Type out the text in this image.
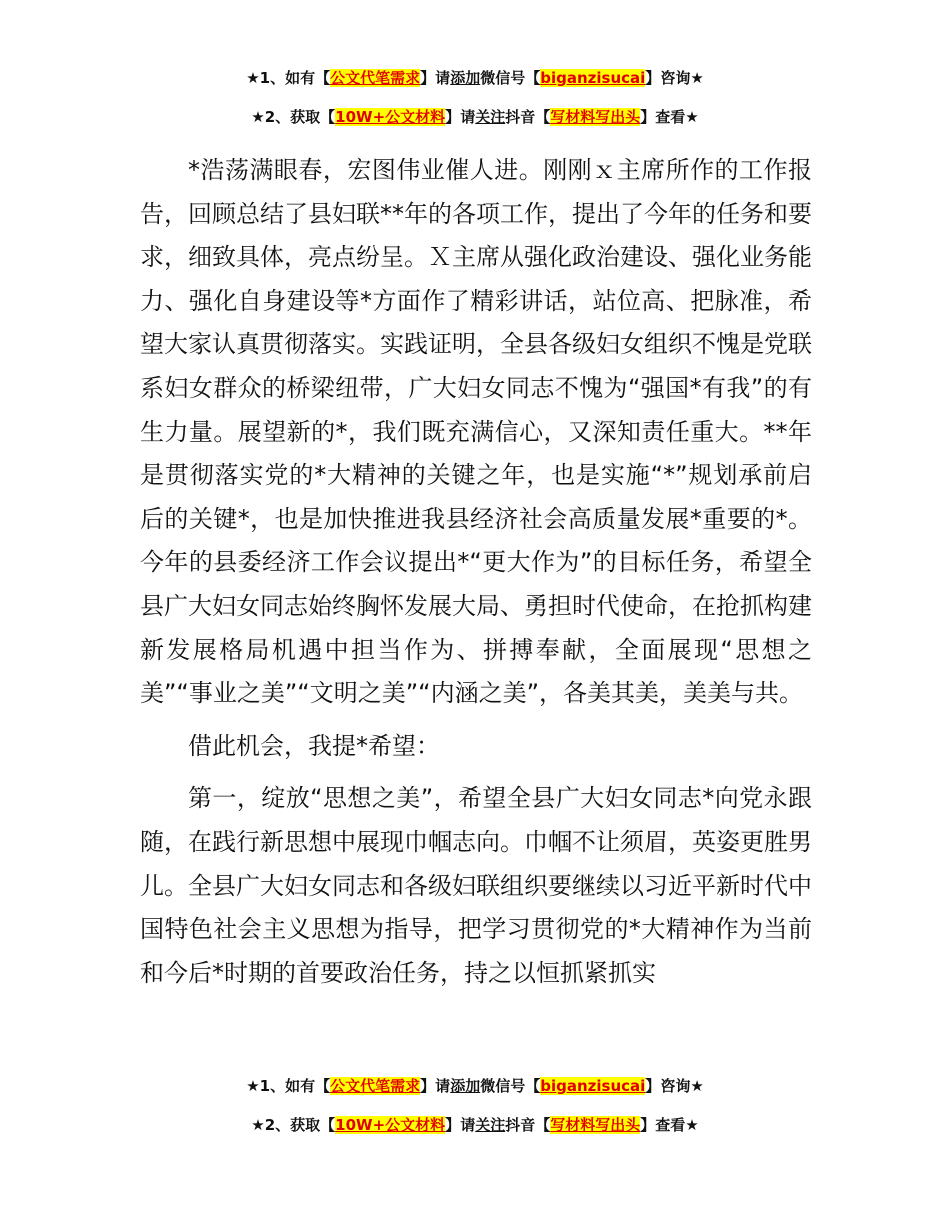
★1、如有【公文代笔需求】请添加微信号【biganzisucai】咨询★
★2、获取【10W+公文材料】请关注抖音【写材料写出头】查看★

*浩荡满眼春，宏图伟业催人进。刚刚ｘ主席所作的工作报告，回顾总结了县妇联**年的各项工作，提出了今年的任务和要求，细致具体，亮点纷呈。Ｘ主席从强化政治建设、强化业务能力、强化自身建设等*方面作了精彩讲话，站位高、把脉准，希望大家认真贯彻落实。实践证明，全县各级妇女组织不愧是党联系妇女群众的桥梁纽带，广大妇女同志不愧为“强国*有我”的有生力量。展望新的*，我们既充满信心，又深知责任重大。**年是贯彻落实党的*大精神的关键之年，也是实施“*”规划承前启后的关键*，也是加快推进我县经济社会高质量发展*重要的*。今年的县委经济工作会议提出*“更大作为”的目标任务，希望全县广大妇女同志始终胸怀发展大局、勇担时代使命，在抢抓构建新发展格局机遇中担当作为、拼搏奉献，全面展现“思想之美”“事业之美”“文明之美”“内涵之美”，各美其美，美美与共。

借此机会，我提*希望：

第一，绽放“思想之美”，希望全县广大妇女同志*向党永跟随，在践行新思想中展现巾帼志向。巾帼不让须眉，英姿更胜男儿。全县广大妇女同志和各级妇联组织要继续以习近平新时代中国特色社会主义思想为指导，把学习贯彻党的*大精神作为当前和今后*时期的首要政治任务，持之以恒抓紧抓实

★1、如有【公文代笔需求】请添加微信号【biganzisucai】咨询★
★2、获取【10W+公文材料】请关注抖音【写材料写出头】查看★
